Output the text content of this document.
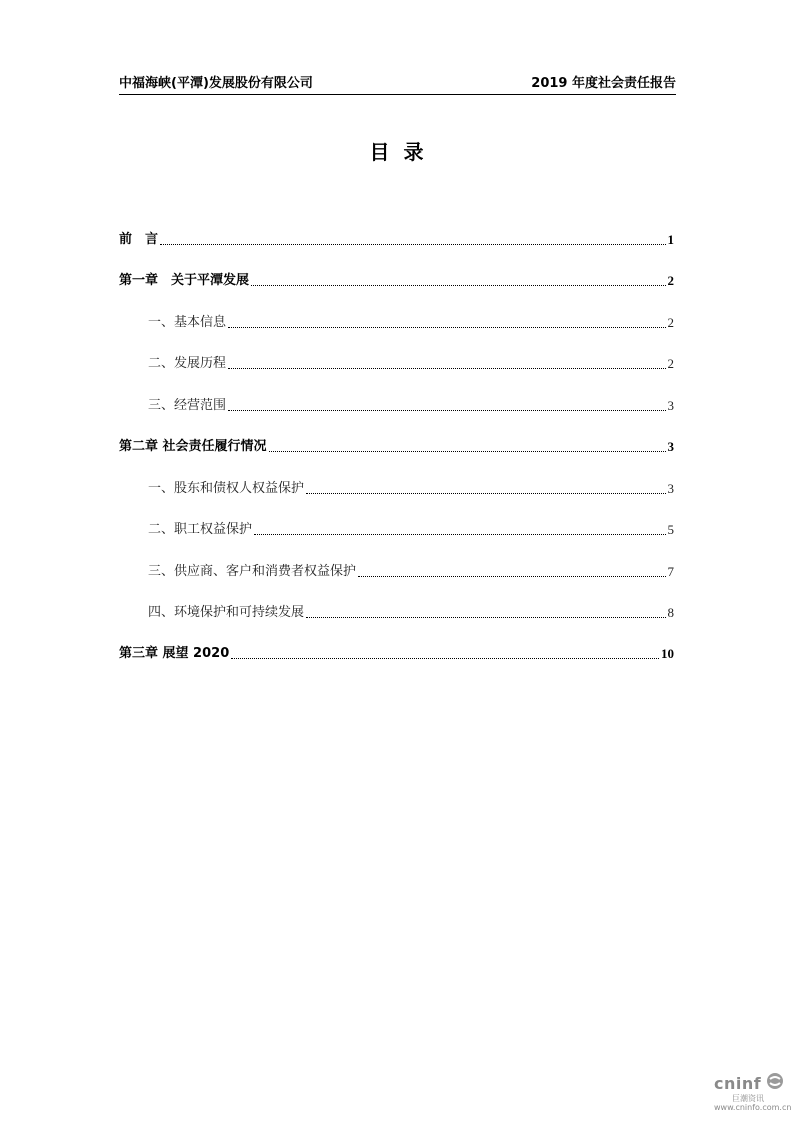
中福海峡(平潭)发展股份有限公司	2019 年度社会责任报告
目录
前　言	1
第一章　关于平潭发展	2
一、基本信息	2
二、发展历程	2
三、经营范围	3
第二章 社会责任履行情况	3
一、股东和债权人权益保护	3
二、职工权益保护	5
三、供应商、客户和消费者权益保护	7
四、环境保护和可持续发展	8
第三章 展望 2020	10
cninf
巨潮资讯
www.cninfo.com.cn
